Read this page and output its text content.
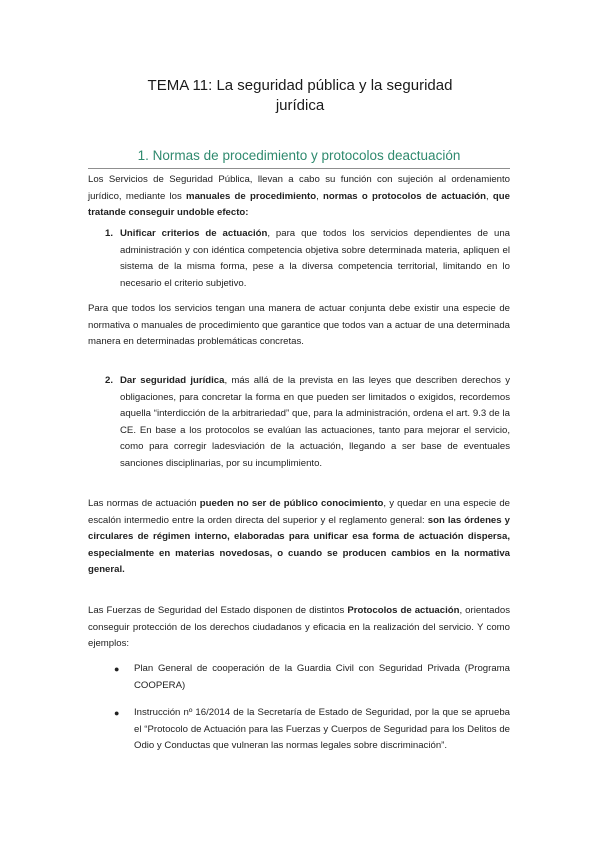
TEMA 11: La seguridad pública y la seguridad
jurídica
1. Normas de procedimiento y protocolos deactuación
Los Servicios de Seguridad Pública, llevan a cabo su función con sujeción al ordenamiento jurídico, mediante los manuales de procedimiento, normas o protocolos de actuación, que tratande conseguir undoble efecto:
1. Unificar criterios de actuación, para que todos los servicios dependientes de una administración y con idéntica competencia objetiva sobre determinada materia, apliquen el sistema de la misma forma, pese a la diversa competencia territorial, limitando en lo necesario el criterio subjetivo.
Para que todos los servicios tengan una manera de actuar conjunta debe existir una especie de normativa o manuales de procedimiento que garantice que todos van a actuar de una determinada manera en determinadas problemáticas concretas.
2. Dar seguridad jurídica, más allá de la prevista en las leyes que describen derechos y obligaciones, para concretar la forma en que pueden ser limitados o exigidos, recordemos aquella “interdicción de la arbitrariedad” que, para la administración, ordena el art. 9.3 de la CE. En base a los protocolos se evalúan las actuaciones, tanto para mejorar el servicio, como para corregir ladesviación de la actuación, llegando a ser base de eventuales sanciones disciplinarias, por su incumplimiento.
Las normas de actuación pueden no ser de público conocimiento, y quedar en una especie de escalón intermedio entre la orden directa del superior y el reglamento general: son las órdenes y circulares de régimen interno, elaboradas para unificar esa forma de actuación dispersa, especialmente en materias novedosas, o cuando se producen cambios en la normativa general.
Las Fuerzas de Seguridad del Estado disponen de distintos Protocolos de actuación, orientados conseguir protección de los derechos ciudadanos y eficacia en la realización del servicio. Y como ejemplos:
● Plan General de cooperación de la Guardia Civil con Seguridad Privada (Programa COOPERA)
● Instrucción nº 16/2014 de la Secretaría de Estado de Seguridad, por la que se aprueba el “Protocolo de Actuación para las Fuerzas y Cuerpos de Seguridad para los Delitos de Odio y Conductas que vulneran las normas legales sobre discriminación”.
